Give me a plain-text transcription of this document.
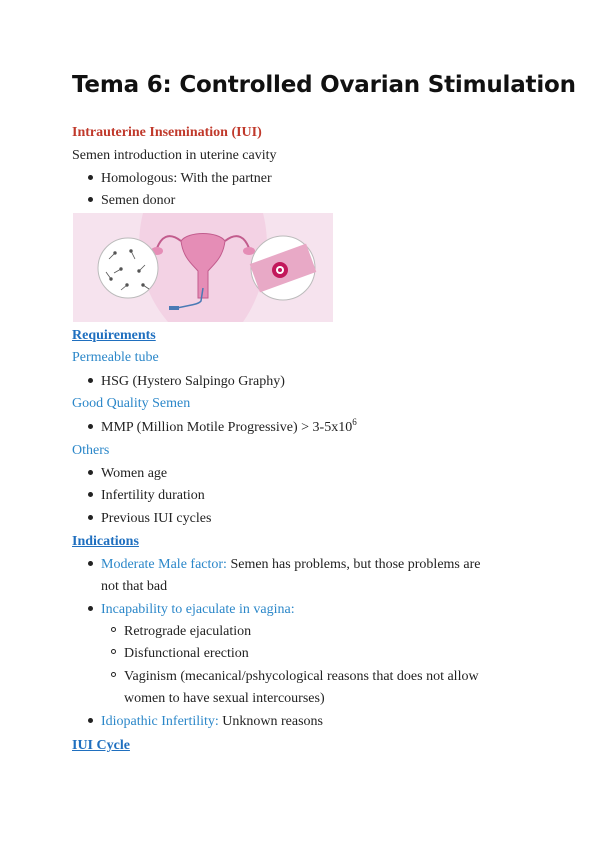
Tema 6: Controlled Ovarian Stimulation
Intrauterine Insemination (IUI)
Semen introduction in uterine cavity
Homologous: With the partner
Semen donor
Requirements
Permeable tube
HSG (Hystero Salpingo Graphy)
Good Quality Semen
MMP (Million Motile Progressive) > $3-5x10^6$
Others
Women age
Infertility duration
Previous IUI cycles
Indications
Moderate Male factor: Semen has problems, but those problems are
not that bad
Incapability to ejaculate in vagina:
Retrograde ejaculation
Disfunctional erection
Vaginism (mecanical/pshycological reasons that does not allow
women to have sexual intercourses)
Idiopathic Infertility: Unknown reasons
IUI Cycle
